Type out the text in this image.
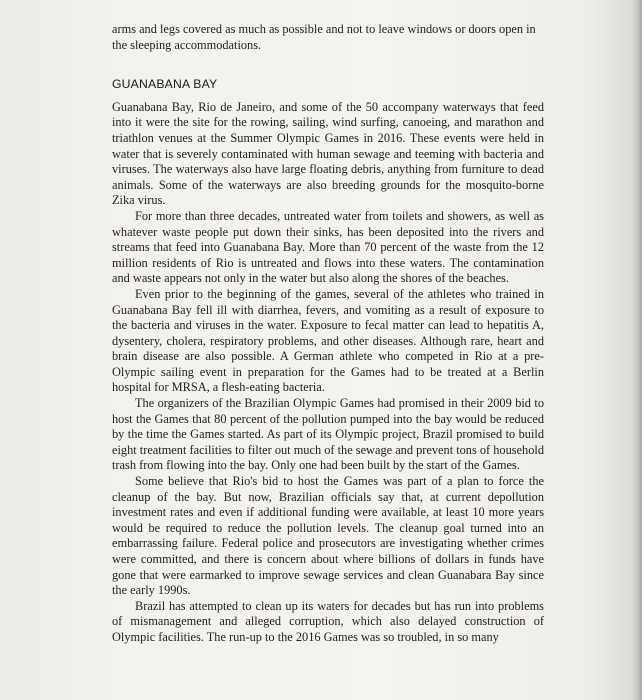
arms and legs covered as much as possible and not to leave windows or doors open in the sleeping accommodations.

GUANABANA BAY

Guanabana Bay, Rio de Janeiro, and some of the 50 accompany waterways that feed into it were the site for the rowing, sailing, wind surfing, canoeing, and marathon and triathlon venues at the Summer Olympic Games in 2016. These events were held in water that is severely contaminated with human sewage and teeming with bacteria and viruses. The waterways also have large floating debris, anything from furniture to dead animals. Some of the waterways are also breeding grounds for the mosquito-borne Zika virus.

For more than three decades, untreated water from toilets and showers, as well as whatever waste people put down their sinks, has been deposited into the rivers and streams that feed into Guanabana Bay. More than 70 percent of the waste from the 12 million residents of Rio is untreated and flows into these waters. The contamination and waste appears not only in the water but also along the shores of the beaches.

Even prior to the beginning of the games, several of the athletes who trained in Guanabana Bay fell ill with diarrhea, fevers, and vomiting as a result of exposure to the bacteria and viruses in the water. Exposure to fecal matter can lead to hepatitis A, dysentery, cholera, respiratory problems, and other diseases. Although rare, heart and brain disease are also possible. A German athlete who competed in Rio at a pre-Olympic sailing event in preparation for the Games had to be treated at a Berlin hospital for MRSA, a flesh-eating bacteria.

The organizers of the Brazilian Olympic Games had promised in their 2009 bid to host the Games that 80 percent of the pollution pumped into the bay would be reduced by the time the Games started. As part of its Olympic project, Brazil promised to build eight treatment facilities to filter out much of the sewage and prevent tons of household trash from flowing into the bay. Only one had been built by the start of the Games.

Some believe that Rio's bid to host the Games was part of a plan to force the cleanup of the bay. But now, Brazilian officials say that, at current depollution investment rates and even if additional funding were available, at least 10 more years would be required to reduce the pollution levels. The cleanup goal turned into an embarrassing failure. Federal police and prosecutors are investigating whether crimes were committed, and there is concern about where billions of dollars in funds have gone that were earmarked to improve sewage services and clean Guanabara Bay since the early 1990s.

Brazil has attempted to clean up its waters for decades but has run into problems of mismanagement and alleged corruption, which also delayed construction of Olympic facilities. The run-up to the 2016 Games was so troubled, in so many
